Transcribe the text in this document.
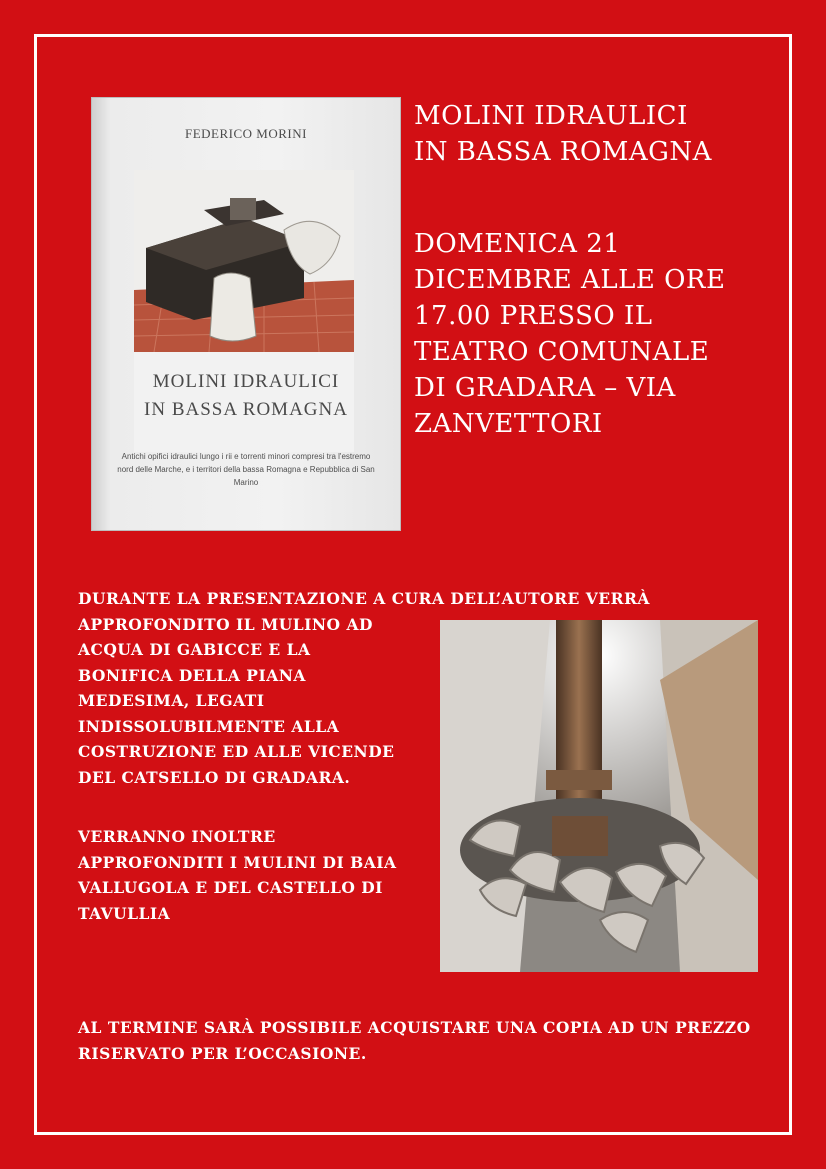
FEDERICO MORINI
MOLINI IDRAULICI
IN BASSA ROMAGNA
Antichi opifici idraulici lungo i rii e torrenti minori compresi tra l'estremo nord delle Marche, e i territori della bassa Romagna e Repubblica di San Marino
MOLINI IDRAULICI
IN BASSA ROMAGNA
DOMENICA 21
DICEMBRE ALLE ORE
17.00 PRESSO IL
TEATRO COMUNALE
DI GRADARA – VIA
ZANVETTORI
DURANTE LA PRESENTAZIONE A CURA DELL’AUTORE VERRÀ
APPROFONDITO IL MULINO AD ACQUA DI GABICCE E LA BONIFICA DELLA PIANA MEDESIMA, LEGATI INDISSOLUBILMENTE ALLA COSTRUZIONE ED ALLE VICENDE DEL CATSELLO DI GRADARA.
VERRANNO INOLTRE APPROFONDITI I MULINI DI BAIA VALLUGOLA E DEL CASTELLO DI TAVULLIA
AL TERMINE SARÀ POSSIBILE ACQUISTARE UNA COPIA AD UN PREZZO RISERVATO PER L’OCCASIONE.
